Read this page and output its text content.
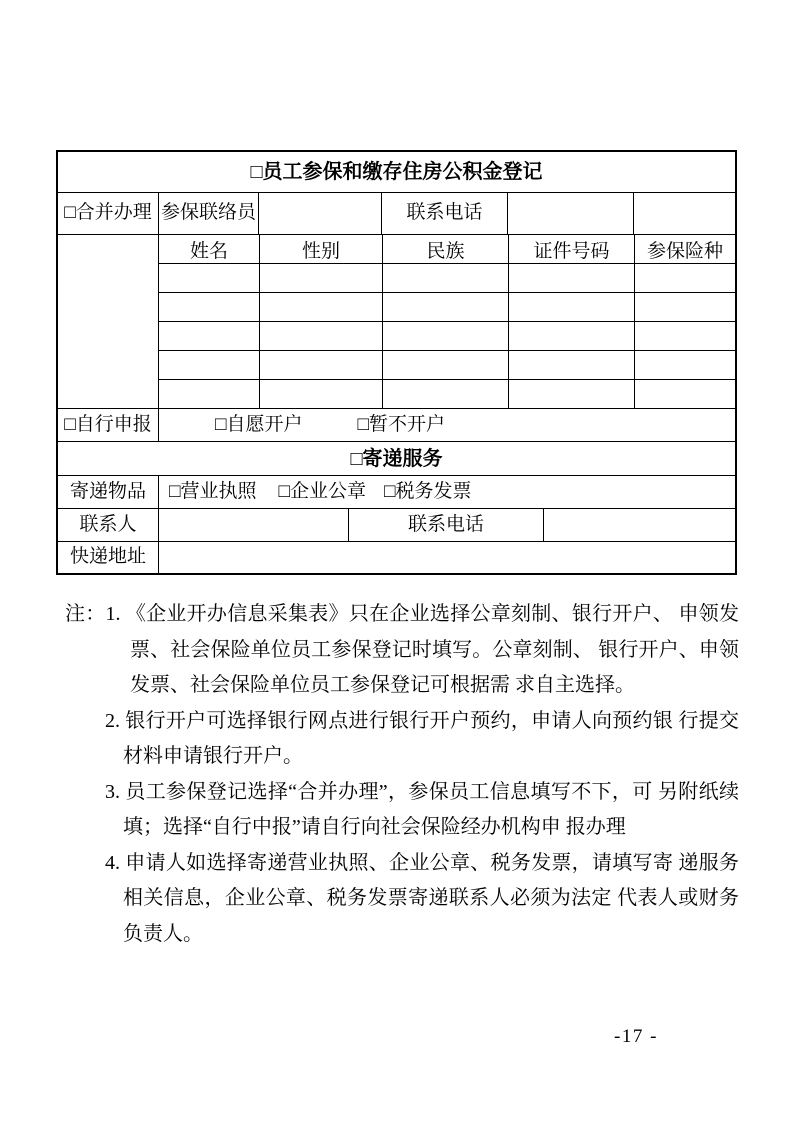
□员工参保和缴存住房公积金登记
□合并办理 参保联络员	联系电话
姓名	性别	民族	证件号码	参保险种
□自行申报	□自愿开户	□暂不开户
□寄递服务
寄递物品	□营业执照 □企业公章 □税务发票
联系人	联系电话
快递地址
注：1. 《企业开办信息采集表》只在企业选择公章刻制、银行开户、 申领发票、社会保险单位员工参保登记时填写。公章刻制、 银行开户、申领发票、社会保险单位员工参保登记可根据需 求自主选择。
2. 银行开户可选择银行网点进行银行开户预约，申请人向预约银 行提交材料申请银行开户。
3. 员工参保登记选择“合并办理”，参保员工信息填写不下，可 另附纸续填；选择“自行中报”请自行向社会保险经办机构申 报办理
4. 申请人如选择寄递营业执照、企业公章、税务发票，请填写寄 递服务相关信息，企业公章、税务发票寄递联系人必须为法定 代表人或财务负责人。
-17 -
